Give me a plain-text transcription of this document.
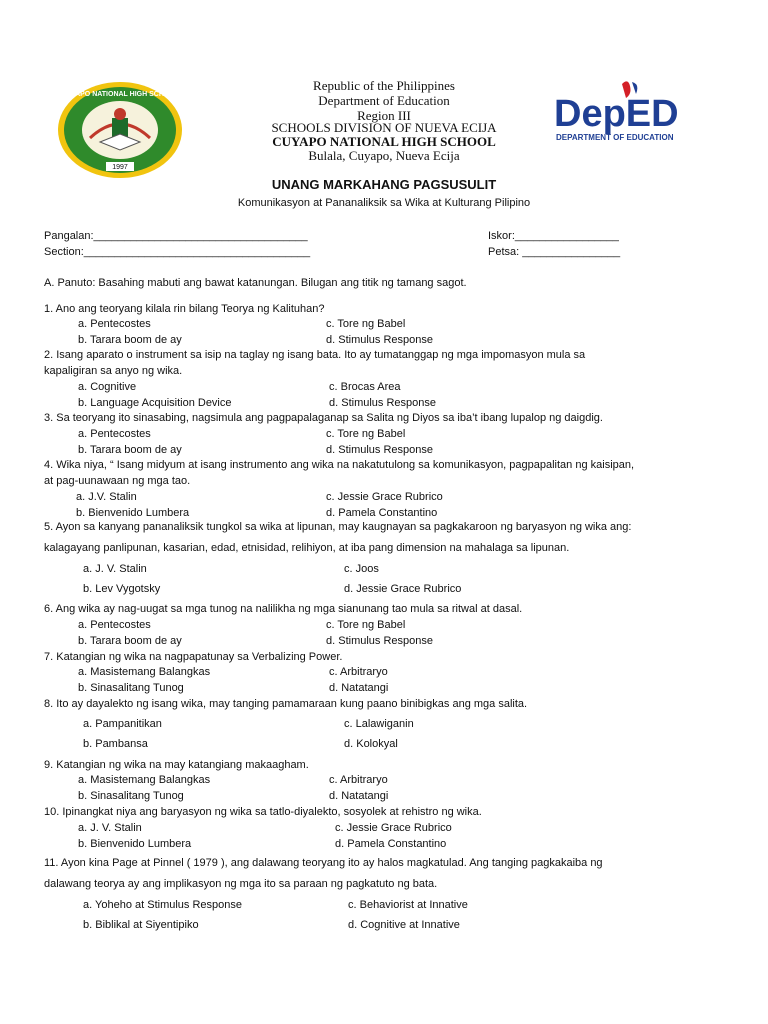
CUYAPO NATIONAL HIGH SCHOOL
1997
DepED
DEPARTMENT OF EDUCATION
Republic of the Philippines
Department of Education
Region III
SCHOOLS DIVISION OF NUEVA ECIJA
CUYAPO NATIONAL HIGH SCHOOL
Bulala, Cuyapo, Nueva Ecija
UNANG MARKAHANG PAGSUSULIT
Komunikasyon at Pananaliksik sa Wika at Kulturang Pilipino
Pangalan:___________________________________
Section:_____________________________________
Iskor:_________________
Petsa: ________________
A. Panuto: Basahing mabuti ang bawat katanungan. Bilugan ang titik ng tamang sagot.
1. Ano ang teoryang kilala rin bilang Teorya ng Kalituhan?
a. Pentecostes
b. Tarara boom de ay
c. Tore ng Babel
d. Stimulus Response
2. Isang aparato o instrument sa isip na taglay ng isang bata. Ito ay tumatanggap ng mga impomasyon mula sa
kapaligiran sa anyo ng wika.
a. Cognitive
b. Language Acquisition Device
c. Brocas Area
d. Stimulus Response
3. Sa teoryang ito sinasabing, nagsimula ang pagpapalaganap sa Salita ng Diyos sa iba’t ibang lupalop ng daigdig.
a. Pentecostes
b. Tarara boom de ay
c. Tore ng Babel
d. Stimulus Response
4. Wika niya, “ Isang midyum at isang instrumento ang wika na nakatutulong sa komunikasyon, pagpapalitan ng kaisipan,
at pag-uunawaan ng mga tao.
a. J.V. Stalin
b. Bienvenido Lumbera
c. Jessie Grace Rubrico
d. Pamela Constantino
5. Ayon sa kanyang pananaliksik tungkol sa wika at lipunan, may kaugnayan sa pagkakaroon ng baryasyon ng wika ang:
kalagayang panlipunan, kasarian, edad, etnisidad, relihiyon, at iba pang dimension na mahalaga sa lipunan.
a. J. V. Stalin
b. Lev Vygotsky
c. Joos
d. Jessie Grace Rubrico
6. Ang wika ay nag-uugat sa mga tunog na nalilikha ng mga sianunang tao mula sa ritwal at dasal.
a. Pentecostes
b. Tarara boom de ay
c. Tore ng Babel
d. Stimulus Response
7. Katangian ng wika na nagpapatunay sa Verbalizing Power.
a. Masistemang Balangkas
b. Sinasalitang Tunog
c. Arbitraryo
d. Natatangi
8. Ito ay dayalekto ng isang wika, may tanging pamamaraan kung paano binibigkas ang mga salita.
a. Pampanitikan
b. Pambansa
c. Lalawiganin
d. Kolokyal
9. Katangian ng wika na may katangiang makaagham.
a. Masistemang Balangkas
b. Sinasalitang Tunog
c. Arbitraryo
d. Natatangi
10. Ipinangkat niya ang baryasyon ng wika sa tatlo-diyalekto, sosyolek at rehistro ng wika.
a. J. V. Stalin
b. Bienvenido Lumbera
c. Jessie Grace Rubrico
d. Pamela Constantino
11. Ayon kina Page at Pinnel ( 1979 ), ang dalawang teoryang ito ay halos magkatulad. Ang tanging pagkakaiba ng
dalawang teorya ay ang implikasyon ng mga ito sa paraan ng pagkatuto ng bata.
a. Yoheho at Stimulus Response
b. Biblikal at Siyentipiko
c. Behaviorist at Innative
d. Cognitive at Innative
